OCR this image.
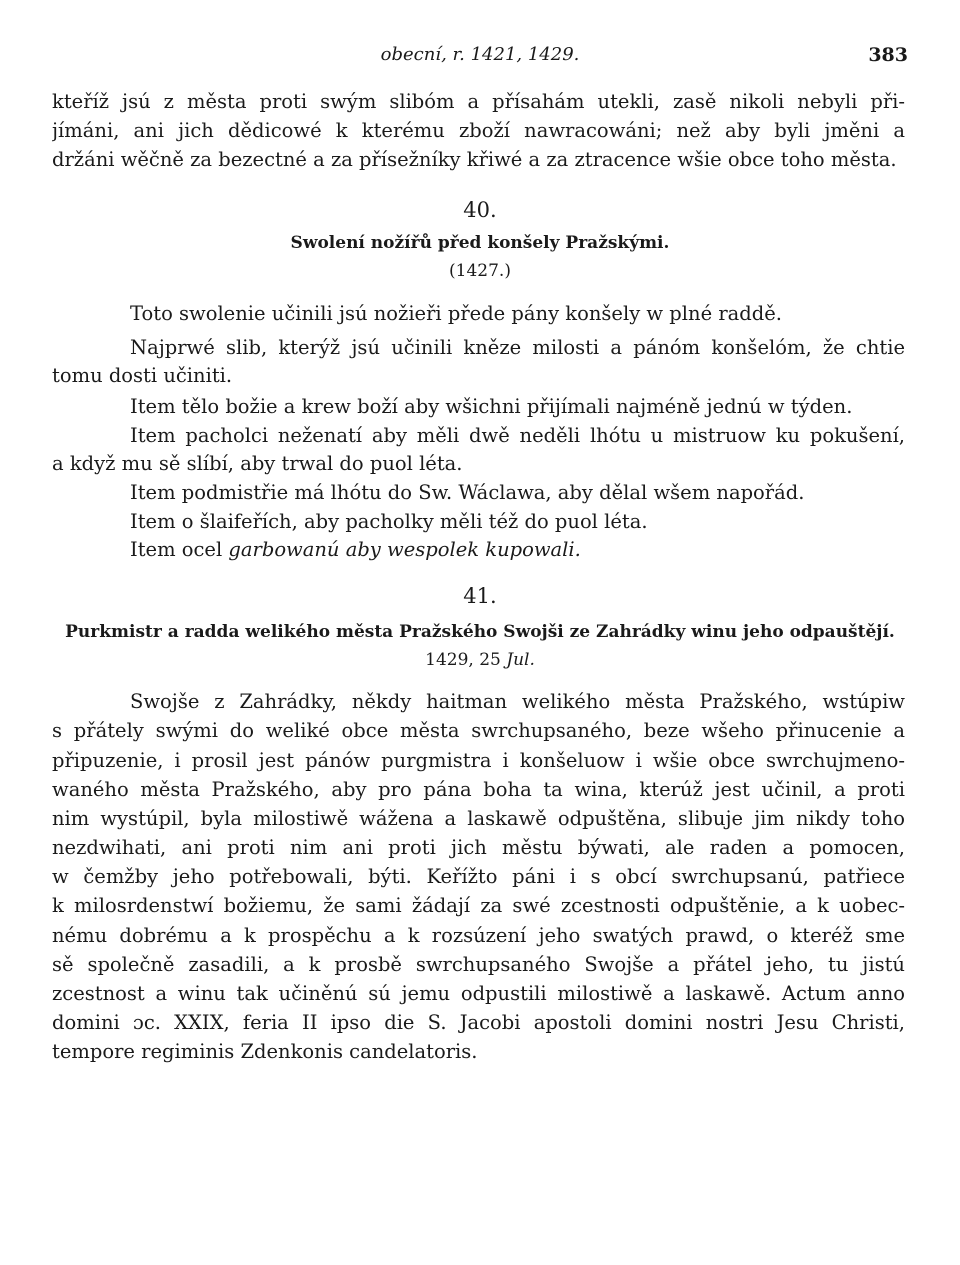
obecní, r. 1421, 1429.	383
kteříž jsú z města proti swým slibóm a přísahám utekli, zasě nikoli nebyli při-
jímáni, ani jich dědicowé k kterému zboží nawracowáni; než aby byli jměni a
držáni wěčně za bezectné a za přísežníky křiwé a za ztracence wšie obce toho města.
40.
Swolení nožířů před konšely Pražskými.
(1427.)
Toto swolenie učinili jsú nožieři přede pány konšely w plné raddě.
Najprwé slib, kterýž jsú učinili kněze milosti a pánóm konšelóm, že chtie
tomu dosti učiniti.
Item tělo božie a krew boží aby wšichni přijímali najméně jednú w týden.
Item pacholci neženatí aby měli dwě neděli lhótu u mistruow ku pokušení,
a když mu sě slíbí, aby trwal do puol léta.
Item podmistřie má lhótu do Sw. Wáclawa, aby dělal wšem napořád.
Item o šlaifeřích, aby pacholky měli též do puol léta.
Item ocel garbowanú aby wespolek kupowali.
41.
Purkmistr a radda welikého města Pražského Swojši ze Zahrádky winu jeho odpauštějí.
1429, 25 Jul.
Swojše z Zahrádky, někdy haitman welikého města Pražského, wstúpiw
s přátely swými do weliké obce města swrchupsaného, beze wšeho přinucenie a
připuzenie, i prosil jest pánów purgmistra i konšeluow i wšie obce swrchujmeno-
waného města Pražského, aby pro pána boha ta wina, kterúž jest učinil, a proti
nim wystúpil, byla milostiwě wážena a laskawě odpuštěna, slibuje jim nikdy toho
nezdwihati, ani proti nim ani proti jich městu býwati, ale raden a pomocen,
w čemžby jeho potřebowali, býti. Keřížto páni i s obcí swrchupsanú, patřiece
k milosrdenstwí božiemu, že sami žádají za swé zcestnosti odpuštěnie, a k uobec-
nému dobrému a k prospěchu a k rozsúzení jeho swatých prawd, o kteréž sme
sě společně zasadili, a k prosbě swrchupsaného Swojše a přátel jeho, tu jistú
zcestnost a winu tak učiněnú sú jemu odpustili milostiwě a laskawě. Actum anno
domini ɔc. XXIX, feria II ipso die S. Jacobi apostoli domini nostri Jesu Christi,
tempore regiminis Zdenkonis candelatoris.
